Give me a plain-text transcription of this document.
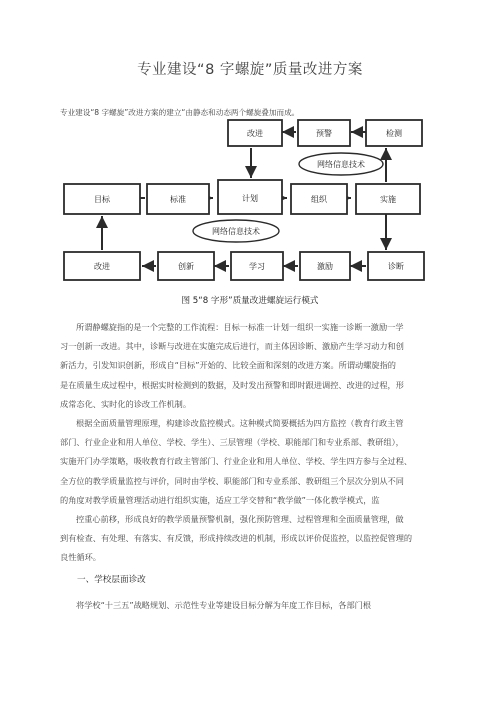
专业建设“8 字螺旋”质量改进方案
专业建设“8 字螺旋”改进方案的建立“由静态和动态两个螺旋叠加而成。
改进	预警	检测
网络信息技术
目标	标准	计划	组织	实施
网络信息技术
改进	创新	学习	激励	诊断
图 5“8 字形”质量改进螺旋运行模式
所谓静螺旋指的是一个完整的工作流程：目标一标准一计划一组织一实施一诊断一激励一学
习一创新一改进。其中，诊断与改进在实施完成后进行，而主体因诊断、激励产生学习动力和创
新活力，引发知识创新，形成自“目标”开始的、比较全面和深刻的改进方案。所谓动螺旋指的
是在质量生成过程中，根据实时检测到的数据，及时发出预警和即时跟进调控、改进的过程，形
成常态化、实时化的诊改工作机制。
根据全面质量管理原理，构建诊改监控模式。这种模式简要概括为四方监控（教育行政主管
部门、行业企业和用人单位、学校、学生）、三层管理（学校、职能部门和专业系部、教研组），
实施开门办学策略，吸收教育行政主管部门、行业企业和用人单位、学校、学生四方参与全过程、
全方位的教学质量监控与评价，同时由学校、职能部门和专业系部、教研组三个层次分别从不同
的角度对教学质量管理活动进行组织实施，适应工学交替和“教学做”一体化教学模式，监
控重心前移，形成良好的教学质量预警机制，强化预防管理、过程管理和全面质量管理，做
到有检查、有处理、有落实、有反馈，形成持续改进的机制，形成以评价促监控，以监控促管理的
良性循环。
一、学校层面诊改
将学校“十三五”战略规划、示范性专业等建设目标分解为年度工作目标，各部门根
